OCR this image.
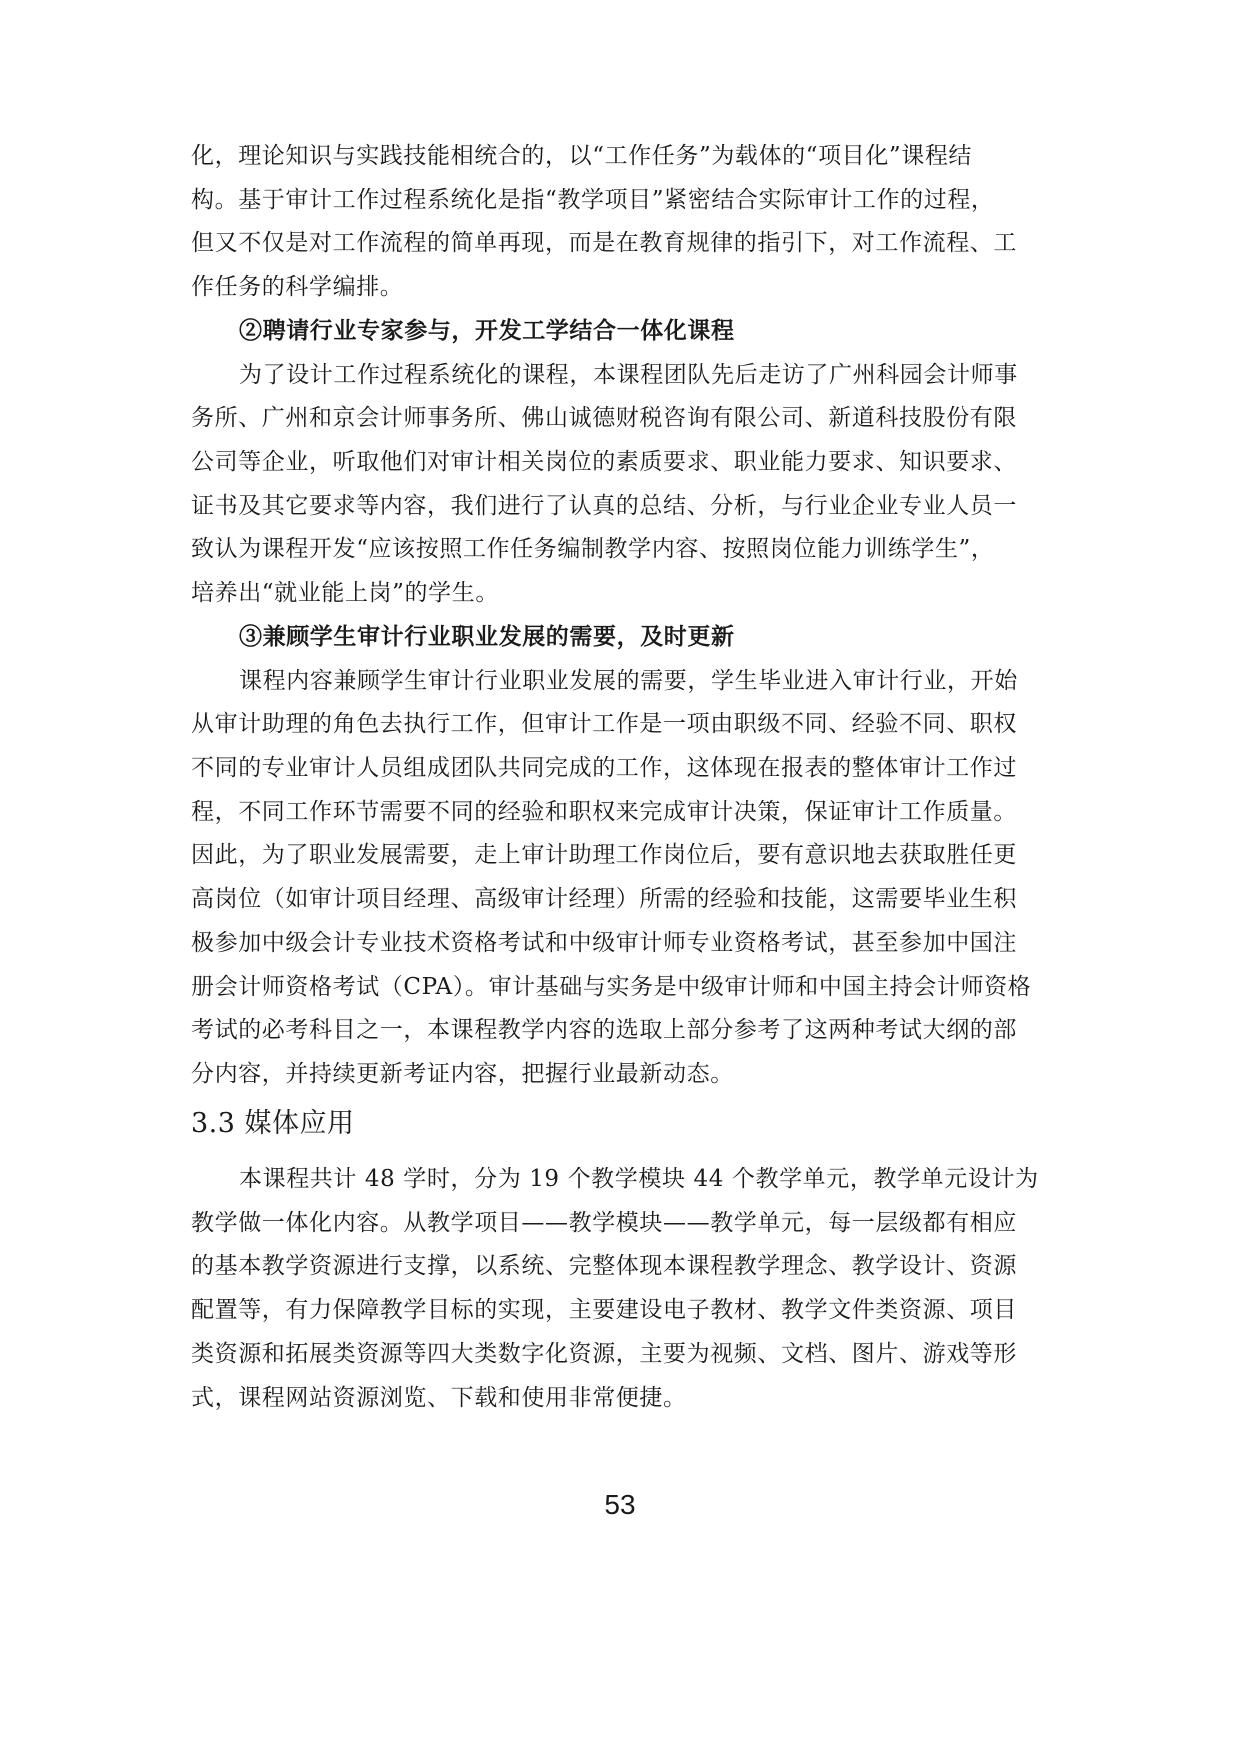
化，理论知识与实践技能相统合的，以“工作任务”为载体的“项目化”课程结
构。基于审计工作过程系统化是指“教学项目”紧密结合实际审计工作的过程，
但又不仅是对工作流程的简单再现，而是在教育规律的指引下，对工作流程、工
作任务的科学编排。
②聘请行业专家参与，开发工学结合一体化课程
为了设计工作过程系统化的课程，本课程团队先后走访了广州科园会计师事
务所、广州和京会计师事务所、佛山诚德财税咨询有限公司、新道科技股份有限
公司等企业，听取他们对审计相关岗位的素质要求、职业能力要求、知识要求、
证书及其它要求等内容，我们进行了认真的总结、分析，与行业企业专业人员一
致认为课程开发“应该按照工作任务编制教学内容、按照岗位能力训练学生”，
培养出“就业能上岗”的学生。
③兼顾学生审计行业职业发展的需要，及时更新
课程内容兼顾学生审计行业职业发展的需要，学生毕业进入审计行业，开始
从审计助理的角色去执行工作，但审计工作是一项由职级不同、经验不同、职权
不同的专业审计人员组成团队共同完成的工作，这体现在报表的整体审计工作过
程，不同工作环节需要不同的经验和职权来完成审计决策，保证审计工作质量。
因此，为了职业发展需要，走上审计助理工作岗位后，要有意识地去获取胜任更
高岗位（如审计项目经理、高级审计经理）所需的经验和技能，这需要毕业生积
极参加中级会计专业技术资格考试和中级审计师专业资格考试，甚至参加中国注
册会计师资格考试（CPA）。审计基础与实务是中级审计师和中国主持会计师资格
考试的必考科目之一，本课程教学内容的选取上部分参考了这两种考试大纲的部
分内容，并持续更新考证内容，把握行业最新动态。
3.3 媒体应用
本课程共计 48 学时，分为 19 个教学模块 44 个教学单元，教学单元设计为
教学做一体化内容。从教学项目——教学模块——教学单元，每一层级都有相应
的基本教学资源进行支撑，以系统、完整体现本课程教学理念、教学设计、资源
配置等，有力保障教学目标的实现，主要建设电子教材、教学文件类资源、项目
类资源和拓展类资源等四大类数字化资源，主要为视频、文档、图片、游戏等形
式，课程网站资源浏览、下载和使用非常便捷。
53
